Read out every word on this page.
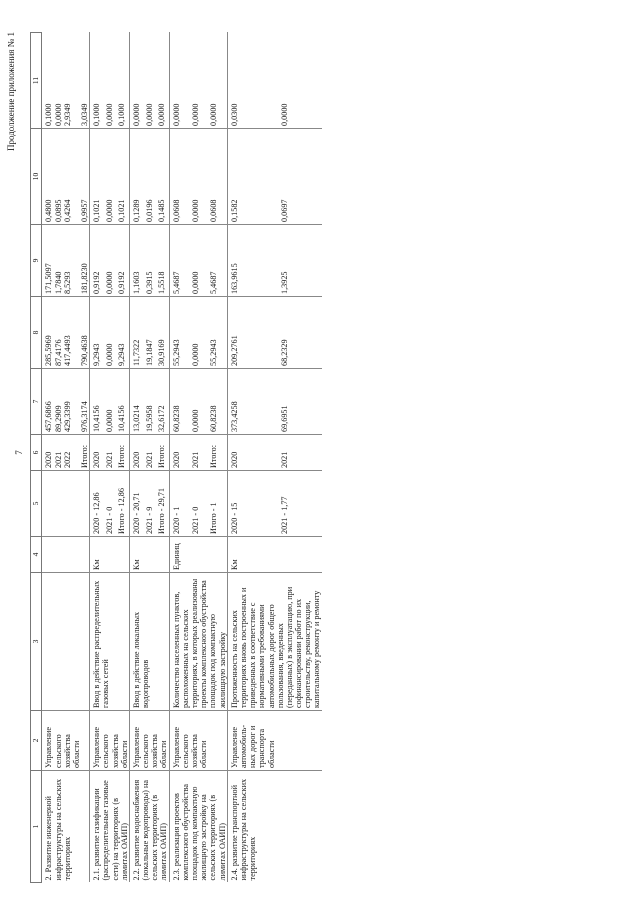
7
Продолжение приложения № 1
1	2	3	4	5	6	7	8	9	10	11
2. Развитие инженерной инфраструктуры на сельских территориях	Управление сельского хозяйства области				2020	457,6866	285,5969	171,5097	0,4800	0,1000
					2021	89,2909	87,4176	1,7840	0,0895	0,0000
					2022	429,3399	417,4493	8,5293	0,4264	2,9349

					Итого:	976,3174	790,4638	181,8230	0,9957	3,0349
2.1. развитие газификации (распределительные газовые сети) на территориях (в лимитах ОАИП)	Управление сельского хозяйства области	Ввод в действие распределительных газовых сетей	Км	2020 - 12,86	2020	10,4156	9,2943	0,9192	0,1021	0,1000
				2021 - 0	2021	0,0000	0,0000	0,0000	0,0000	0,0000
				Итого - 12,86	Итого:	10,4156	9,2943	0,9192	0,1021	0,1000
2.2. развитие водоснабжения (локальные водопроводы) на сельских территориях (в лимитах ОАИП)	Управление сельского хозяйства области	Ввод в действие локальных водопроводов	Км	2020 - 20,71	2020	13,0214	11,7322	1,1603	0,1289	0,0000
				2021 - 9	2021	19,5958	19,1847	0,3915	0,0196	0,0000
				Итого - 29,71	Итого:	32,6172	30,9169	1,5518	0,1485	0,0000
2.3. реализация проектов комплексного обустройства площадок под компактную жилищную застройку на сельских территориях (в лимитах ОАИП)	Управление сельского хозяйства области	Количество населенных пунктов, расположенных на сельских территориях, в которых реализованы проекты комплексного обустройства площадок под компактную жилищную застройку	Единиц	2020 - 1	2020	60,8238	55,2943	5,4687	0,0608	0,0000
				2021 - 0	2021	0,0000	0,0000	0,0000	0,0000	0,0000
				Итого - 1	Итого:	60,8238	55,2943	5,4687	0,0608	0,0000
2.4. развитие транспортной инфраструктуры на сельских территориях	Управление автомобиль-ных дорог и транспорта области	Протяженность на сельских территориях вновь построенных и приведенных в соответствие с нормативными требованиями автомобильных дорог общего пользования, введенных (переданных) в эксплуатацию, при софинансировании работ по их строительству, реконструкции, капитальному ремонту и ремонту	Км	2020 - 15	2020	373,4258	209,2761	163,9615	0,1582	0,0300
				2021 - 1,77	2021	69,6951	68,2329	1,3925	0,0697	0,0000
